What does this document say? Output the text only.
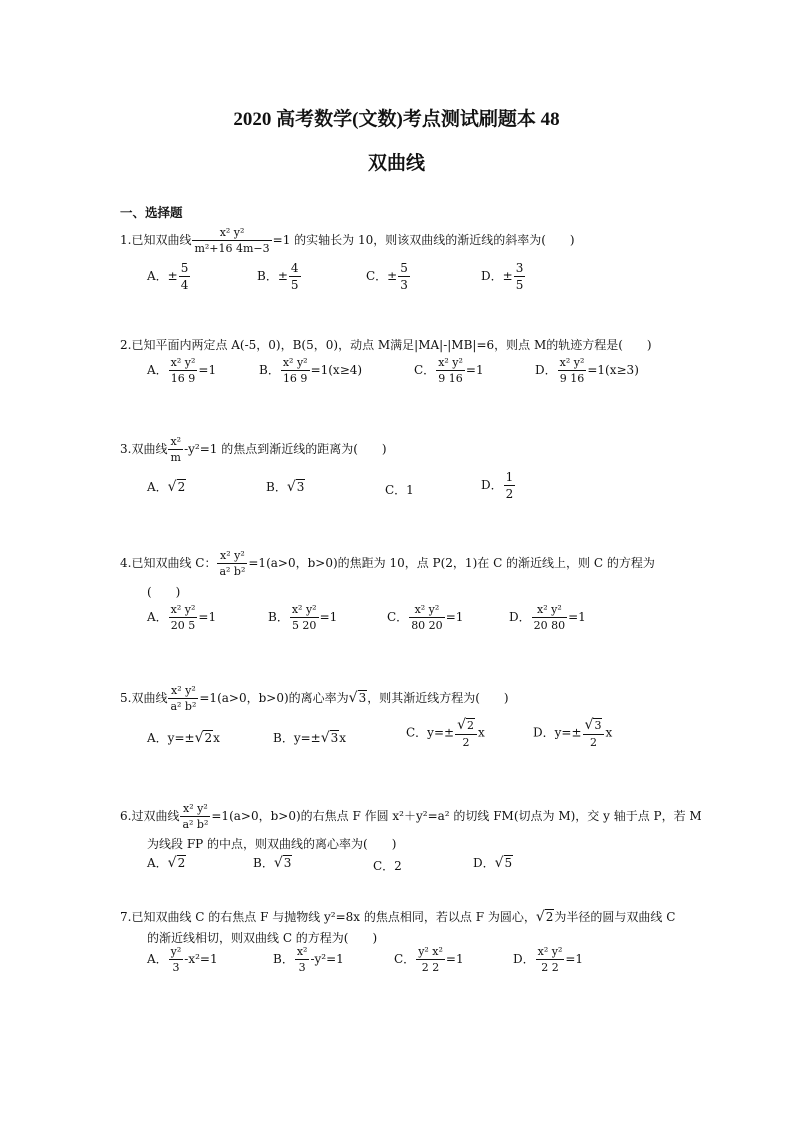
2020 高考数学(文数)考点测试刷题本 48
双曲线
一、选择题
1.已知双曲线 $\frac{\text{x² y²}}{\text{m²+16 4m−3}} =1$ 的实轴长为 10，则该双曲线的渐近线的斜率为(　　)
A．± $\frac{5}{4}$	B．± $\frac{4}{5}$	C．± $\frac{5}{3}$	D．± $\frac{3}{5}$
2.已知平面内两定点 A(-5，0)，B(5，0)，动点 M满足|MA|-|MB|=6，则点 M的轨迹方程是(　　)
A． $\frac{\text{x² y²}}{16 9} =1$	B． $\frac{\text{x² y²}}{16 9} =1(x\ge 4)$	C． $\frac{\text{x² y²}}{9 16} =1$	D． $\frac{\text{x² y²}}{9 16} =1(x\ge 3)$
3.双曲线 $\frac{\text{x²}}{m} -y^2=1$ 的焦点到渐近线的距离为(　　)
A．√2	B．√3	C．1	D． $\frac{1}{2}$
4.已知双曲线 C： $\frac{\text{x² y²}}{\text{a² b²}} =1(a>0$，b>0)的焦距为 10，点 P(2，1)在 C 的渐近线上，则 C 的方程为
(　　)
A． $\frac{\text{x² y²}}{20 5} =1$	B． $\frac{\text{x² y²}}{5 20} =1$	C． $\frac{\text{x² y²}}{80 20} =1$	D． $\frac{\text{x² y²}}{20 80} =1$
5.双曲线 $\frac{\text{x² y²}}{\text{a² b²}} =1(a>0$，b>0)的离心率为√3，则其渐近线方程为(　　)
A．y=±√2x	B．y=±√3x	C．$y=\pm \frac{√2}{2}$ x	D．$y=\pm \frac{√3}{2}$ x
6.过双曲线 $\frac{\text{x² y²}}{\text{a² b²}} =1(a>0$，b>0)的右焦点 F 作圆 x²＋y²=a² 的切线 FM(切点为 M)，交 y 轴于点 P，若 M
为线段 FP 的中点，则双曲线的离心率为(　　)
A．√2	B．√3	C．2	D．√5
7.已知双曲线 C 的右焦点 F 与抛物线 y²=8x 的焦点相同，若以点 F 为圆心，√2为半径的圆与双曲线 C
的渐近线相切，则双曲线 C 的方程为(　　)
A． $\frac{\text{y²}}{3} -x^2=1$	B． $\frac{\text{x²}}{3} -y^2=1$	C． $\frac{\text{y² x²}}{2 2} =1$	D． $\frac{\text{x² y²}}{2 2} =1$
